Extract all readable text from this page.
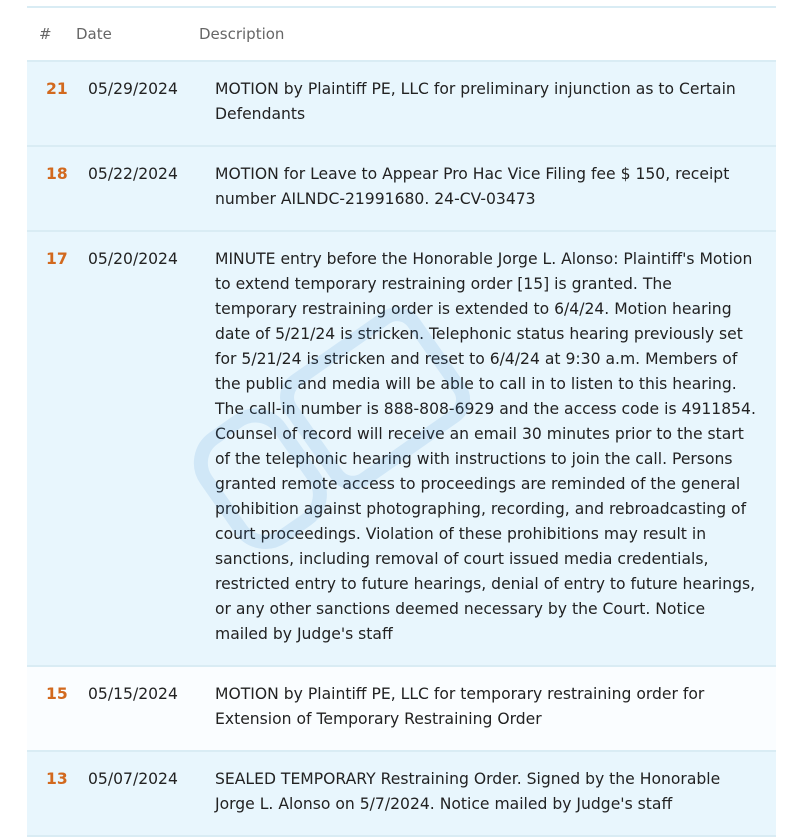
#	Date	Description
21	05/29/2024	MOTION by Plaintiff PE, LLC for preliminary injunction as to Certain Defendants
18	05/22/2024	MOTION for Leave to Appear Pro Hac Vice Filing fee $ 150, receipt number AILNDC-21991680. 24-CV-03473
17	05/20/2024	MINUTE entry before the Honorable Jorge L. Alonso: Plaintiff's Motion to extend temporary restraining order [15] is granted. The temporary restraining order is extended to 6/4/24. Motion hearing date of 5/21/24 is stricken. Telephonic status hearing previously set for 5/21/24 is stricken and reset to 6/4/24 at 9:30 a.m. Members of the public and media will be able to call in to listen to this hearing. The call-in number is 888-808-6929 and the access code is 4911854. Counsel of record will receive an email 30 minutes prior to the start of the telephonic hearing with instructions to join the call. Persons granted remote access to proceedings are reminded of the general prohibition against photographing, recording, and rebroadcasting of court proceedings. Violation of these prohibitions may result in sanctions, including removal of court issued media credentials, restricted entry to future hearings, denial of entry to future hearings, or any other sanctions deemed necessary by the Court. Notice mailed by Judge's staff
15	05/15/2024	MOTION by Plaintiff PE, LLC for temporary restraining order for Extension of Temporary Restraining Order
13	05/07/2024	SEALED TEMPORARY Restraining Order. Signed by the Honorable Jorge L. Alonso on 5/7/2024. Notice mailed by Judge's staff
